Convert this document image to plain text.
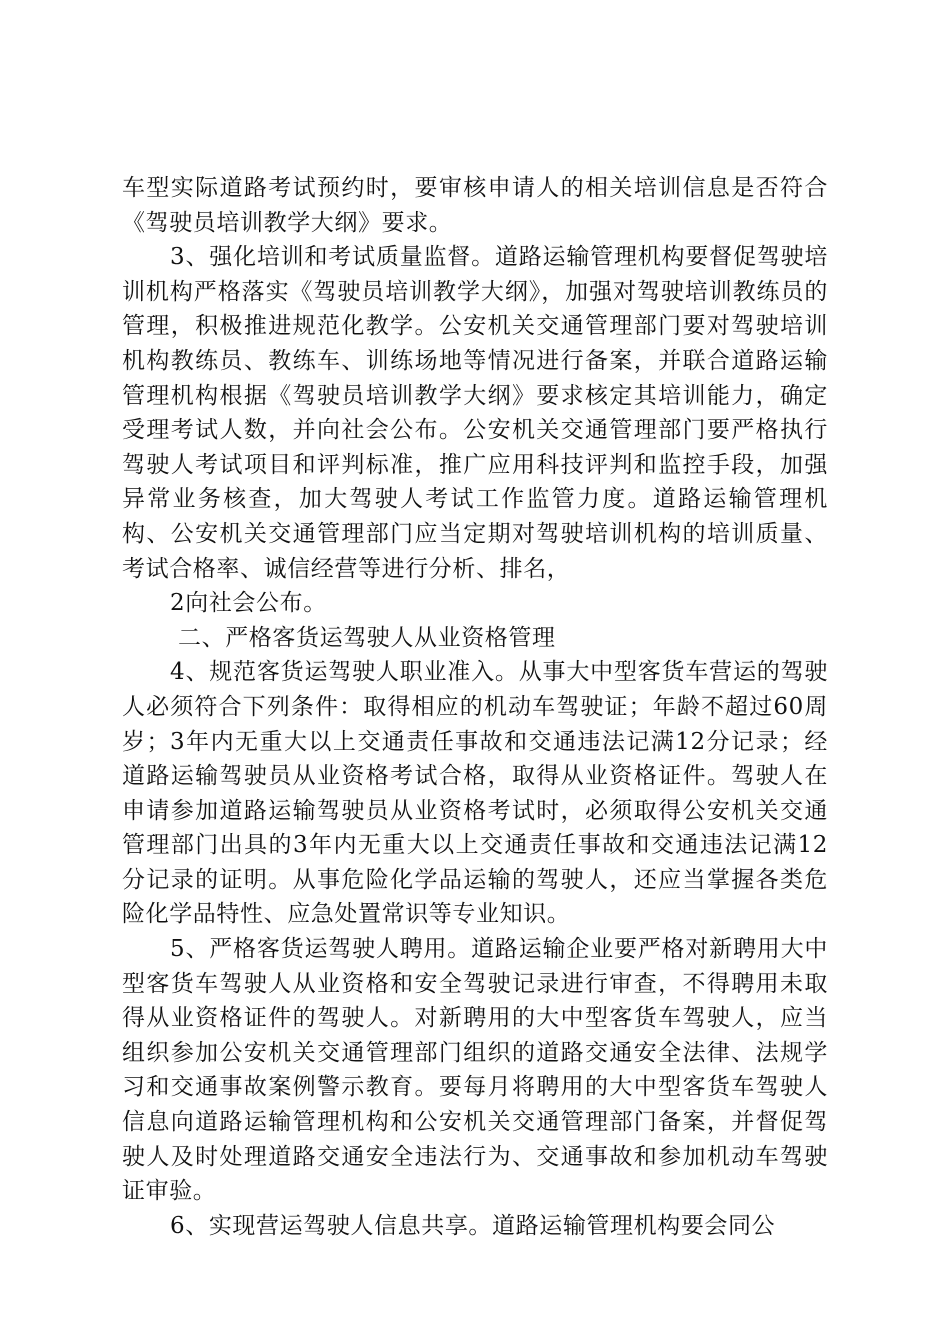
车型实际道路考试预约时，要审核申请人的相关培训信息是否符合《驾驶员培训教学大纲》要求。

3、强化培训和考试质量监督。道路运输管理机构要督促驾驶培训机构严格落实《驾驶员培训教学大纲》，加强对驾驶培训教练员的管理，积极推进规范化教学。公安机关交通管理部门要对驾驶培训机构教练员、教练车、训练场地等情况进行备案，并联合道路运输管理机构根据《驾驶员培训教学大纲》要求核定其培训能力，确定受理考试人数，并向社会公布。公安机关交通管理部门要严格执行驾驶人考试项目和评判标准，推广应用科技评判和监控手段，加强异常业务核查，加大驾驶人考试工作监管力度。道路运输管理机构、公安机关交通管理部门应当定期对驾驶培训机构的培训质量、考试合格率、诚信经营等进行分析、排名，

2向社会公布。

二、严格客货运驾驶人从业资格管理

4、规范客货运驾驶人职业准入。从事大中型客货车营运的驾驶人必须符合下列条件：取得相应的机动车驾驶证；年龄不超过60周岁；3年内无重大以上交通责任事故和交通违法记满12分记录；经道路运输驾驶员从业资格考试合格，取得从业资格证件。驾驶人在申请参加道路运输驾驶员从业资格考试时，必须取得公安机关交通管理部门出具的3年内无重大以上交通责任事故和交通违法记满12分记录的证明。从事危险化学品运输的驾驶人，还应当掌握各类危险化学品特性、应急处置常识等专业知识。

5、严格客货运驾驶人聘用。道路运输企业要严格对新聘用大中型客货车驾驶人从业资格和安全驾驶记录进行审查，不得聘用未取得从业资格证件的驾驶人。对新聘用的大中型客货车驾驶人，应当组织参加公安机关交通管理部门组织的道路交通安全法律、法规学习和交通事故案例警示教育。要每月将聘用的大中型客货车驾驶人信息向道路运输管理机构和公安机关交通管理部门备案，并督促驾驶人及时处理道路交通安全违法行为、交通事故和参加机动车驾驶证审验。

6、实现营运驾驶人信息共享。道路运输管理机构要会同公
